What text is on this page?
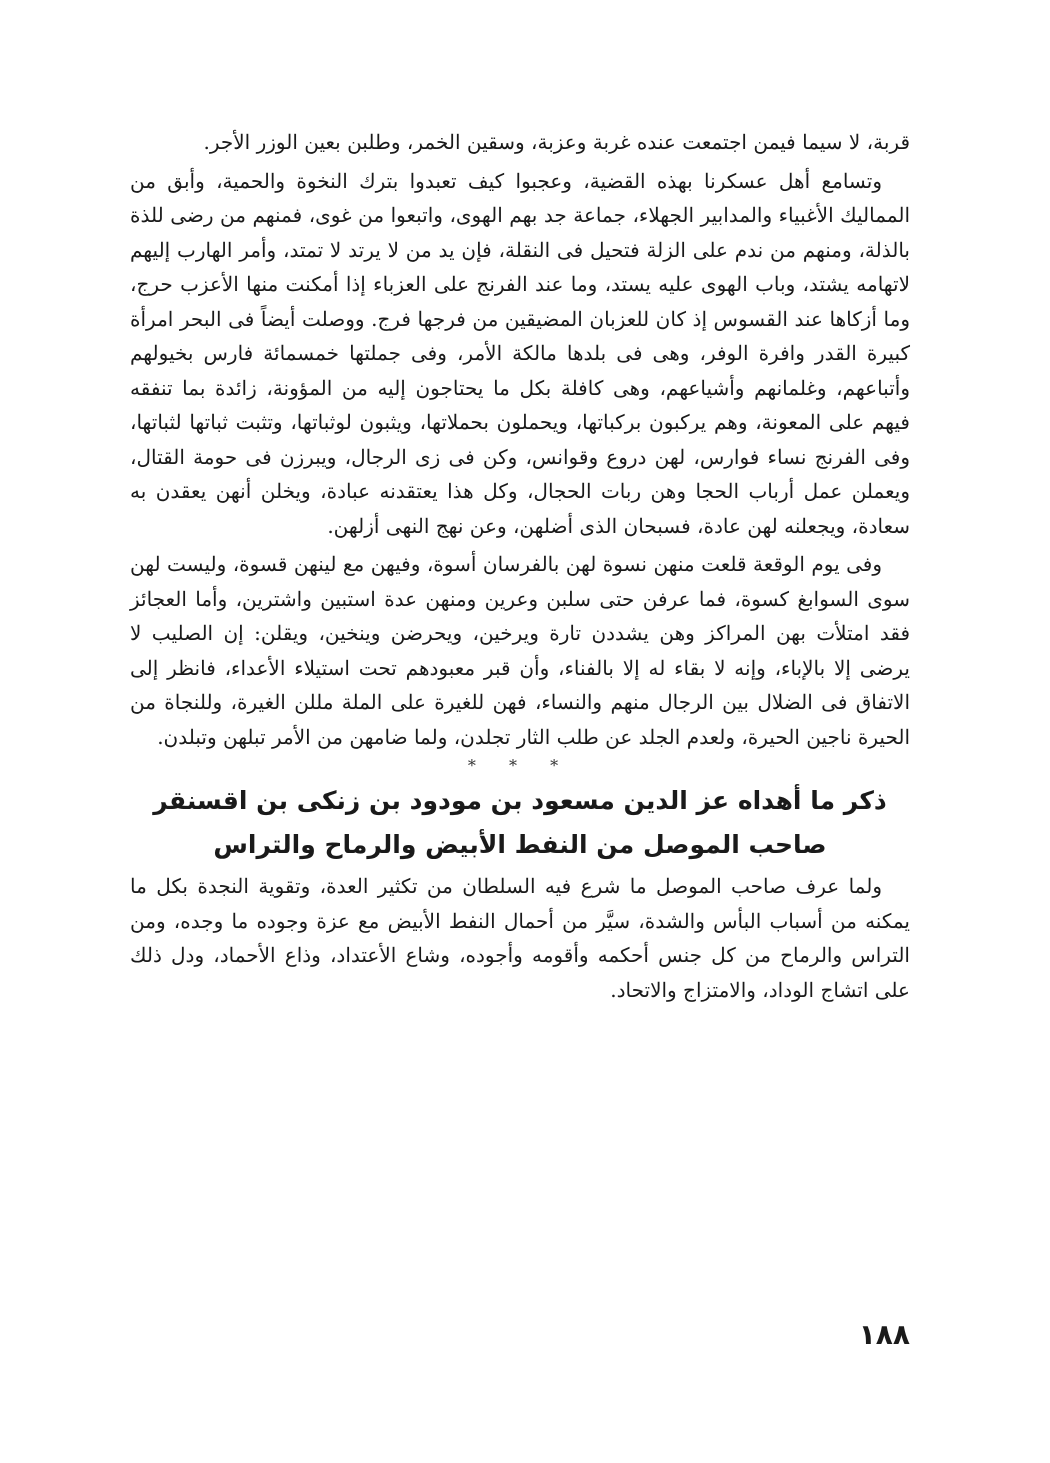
قربة، لا سيما فيمن اجتمعت عنده غربة وعزبة، وسقين الخمر، وطلبن بعين الوزر الأجر.

وتسامع أهل عسكرنا بهذه القضية، وعجبوا كيف تعبدوا بترك النخوة والحمية، وأبق من المماليك الأغبياء والمدابير الجهلاء، جماعة جد بهم الهوى، واتبعوا من غوى، فمنهم من رضى للذة بالذلة، ومنهم من ندم على الزلة فتحيل فى النقلة، فإن يد من لا يرتد لا تمتد، وأمر الهارب إليهم لاتهامه يشتد، وباب الهوى عليه يستد، وما عند الفرنج على العزباء إذا أمكنت منها الأعزب حرج، وما أزكاها عند القسوس إذ كان للعزبان المضيقين من فرجها فرج. ووصلت أيضاً فى البحر امرأة كبيرة القدر وافرة الوفر، وهى فى بلدها مالكة الأمر، وفى جملتها خمسمائة فارس بخيولهم وأتباعهم، وغلمانهم وأشياعهم، وهى كافلة بكل ما يحتاجون إليه من المؤونة، زائدة بما تنفقه فيهم على المعونة، وهم يركبون بركباتها، ويحملون بحملاتها، ويثبون لوثباتها، وتثبت ثباتها لثباتها، وفى الفرنج نساء فوارس، لهن دروع وقوانس، وكن فى زى الرجال، ويبرزن فى حومة القتال، ويعملن عمل أرباب الحجا وهن ربات الحجال، وكل هذا يعتقدنه عبادة، ويخلن أنهن يعقدن به سعادة، ويجعلنه لهن عادة، فسبحان الذى أضلهن، وعن نهج النهى أزلهن.

وفى يوم الوقعة قلعت منهن نسوة لهن بالفرسان أسوة، وفيهن مع لينهن قسوة، وليست لهن سوى السوابغ كسوة، فما عرفن حتى سلبن وعرين ومنهن عدة استبين واشترين، وأما العجائز فقد امتلأت بهن المراكز وهن يشددن تارة ويرخين، ويحرضن وينخين، ويقلن: إن الصليب لا يرضى إلا بالإباء، وإنه لا بقاء له إلا بالفناء، وأن قبر معبودهم تحت استيلاء الأعداء، فانظر إلى الاتفاق فى الضلال بين الرجال منهم والنساء، فهن للغيرة على الملة مللن الغيرة، وللنجاة من الحيرة ناجين الحيرة، ولعدم الجلد عن طلب الثار تجلدن، ولما ضامهن من الأمر تبلهن وتبلدن.

* * *
ذكر ما أهداه عز الدين مسعود بن مودود بن زنكى بن اقسنقر
صاحب الموصل من النفط الأبيض والرماح والتراس

ولما عرف صاحب الموصل ما شرع فيه السلطان من تكثير العدة، وتقوية النجدة بكل ما يمكنه من أسباب البأس والشدة، سيَّر من أحمال النفط الأبيض مع عزة وجوده ما وجده، ومن التراس والرماح من كل جنس أحكمه وأقومه وأجوده، وشاع الأعتداد، وذاع الأحماد، ودل ذلك على اتشاج الوداد، والامتزاج والاتحاد.

١٨٨
